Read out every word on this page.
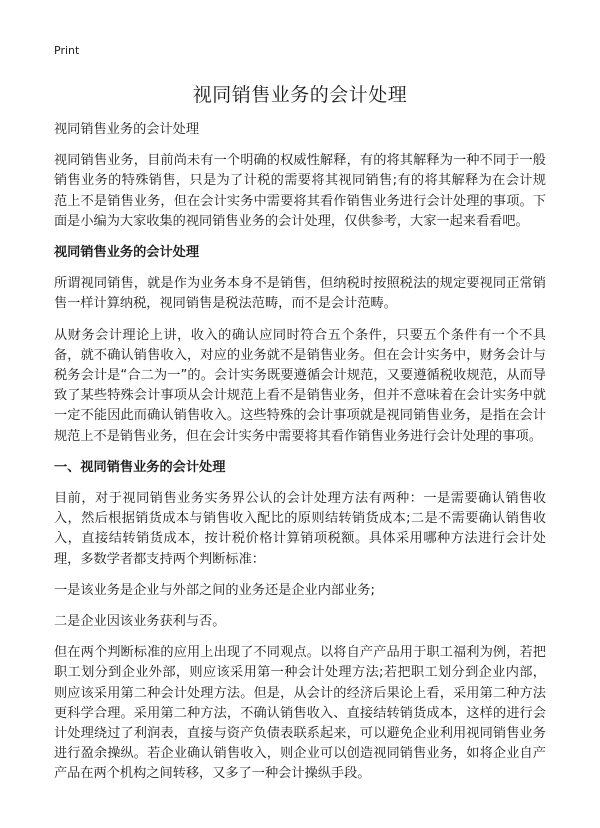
Print
视同销售业务的会计处理

视同销售业务的会计处理

视同销售业务，目前尚未有一个明确的权威性解释，有的将其解释为一种不同于一般销售业务的特殊销售，只是为了计税的需要将其视同销售;有的将其解释为在会计规范上不是销售业务，但在会计实务中需要将其看作销售业务进行会计处理的事项。下面是小编为大家收集的视同销售业务的会计处理，仅供参考，大家一起来看看吧。

视同销售业务的会计处理

所谓视同销售，就是作为业务本身不是销售，但纳税时按照税法的规定要视同正常销售一样计算纳税，视同销售是税法范畴，而不是会计范畴。

从财务会计理论上讲，收入的确认应同时符合五个条件，只要五个条件有一个不具备，就不确认销售收入，对应的业务就不是销售业务。但在会计实务中，财务会计与税务会计是“合二为一”的。会计实务既要遵循会计规范，又要遵循税收规范，从而导致了某些特殊会计事项从会计规范上看不是销售业务，但并不意味着在会计实务中就一定不能因此而确认销售收入。这些特殊的会计事项就是视同销售业务，是指在会计规范上不是销售业务，但在会计实务中需要将其看作销售业务进行会计处理的事项。

一、视同销售业务的会计处理

目前，对于视同销售业务实务界公认的会计处理方法有两种：一是需要确认销售收入，然后根据销货成本与销售收入配比的原则结转销货成本;二是不需要确认销售收入，直接结转销货成本，按计税价格计算销项税额。具体采用哪种方法进行会计处理，多数学者都支持两个判断标准：

一是该业务是企业与外部之间的业务还是企业内部业务;

二是企业因该业务获利与否。

但在两个判断标准的应用上出现了不同观点。以将自产产品用于职工福利为例，若把职工划分到企业外部，则应该采用第一种会计处理方法;若把职工划分到企业内部，则应该采用第二种会计处理方法。但是，从会计的经济后果论上看，采用第二种方法更科学合理。采用第二种方法，不确认销售收入、直接结转销货成本，这样的进行会计处理绕过了利润表，直接与资产负债表联系起来，可以避免企业利用视同销售业务进行盈余操纵。若企业确认销售收入，则企业可以创造视同销售业务，如将企业自产产品在两个机构之间转移，又多了一种会计操纵手段。
